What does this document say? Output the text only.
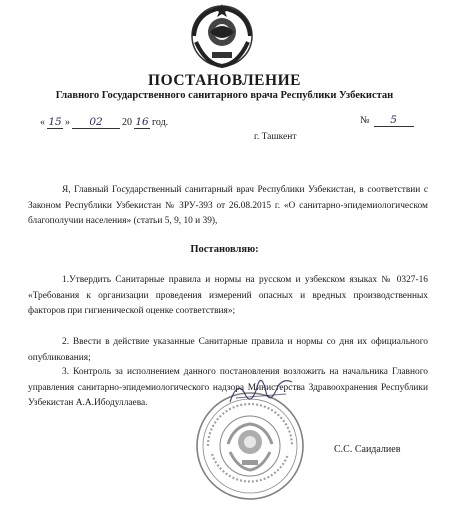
ПОСТАНОВЛЕНИЕ
Главного Государственного санитарного врача Республики Узбекистан
« 15 »	02	20 16 год.	№	5
г. Ташкент
Я, Главный Государственный санитарный врач Республики Узбекистан, в соответствии с Законом Республики Узбекистан № ЗРУ-393 от 26.08.2015 г. «О санитарно-эпидемиологическом благополучии населения» (статьи 5, 9, 10 и 39),
Постановляю:
1.Утвердить Санитарные правила и нормы на русском и узбекском языках № 0327-16 «Требования к организации проведения измерений опасных и вредных производственных факторов при гигиенической оценке соответствия»;
2. Ввести в действие указанные Санитарные правила и нормы со дня их официального опубликования;
3. Контроль за исполнением данного постановления возложить на начальника Главного управления санитарно-эпидемиологического надзора Министерства Здравоохранения Республики Узбекистан А.А.Ибодуллаева.
С.С. Саидалиев
